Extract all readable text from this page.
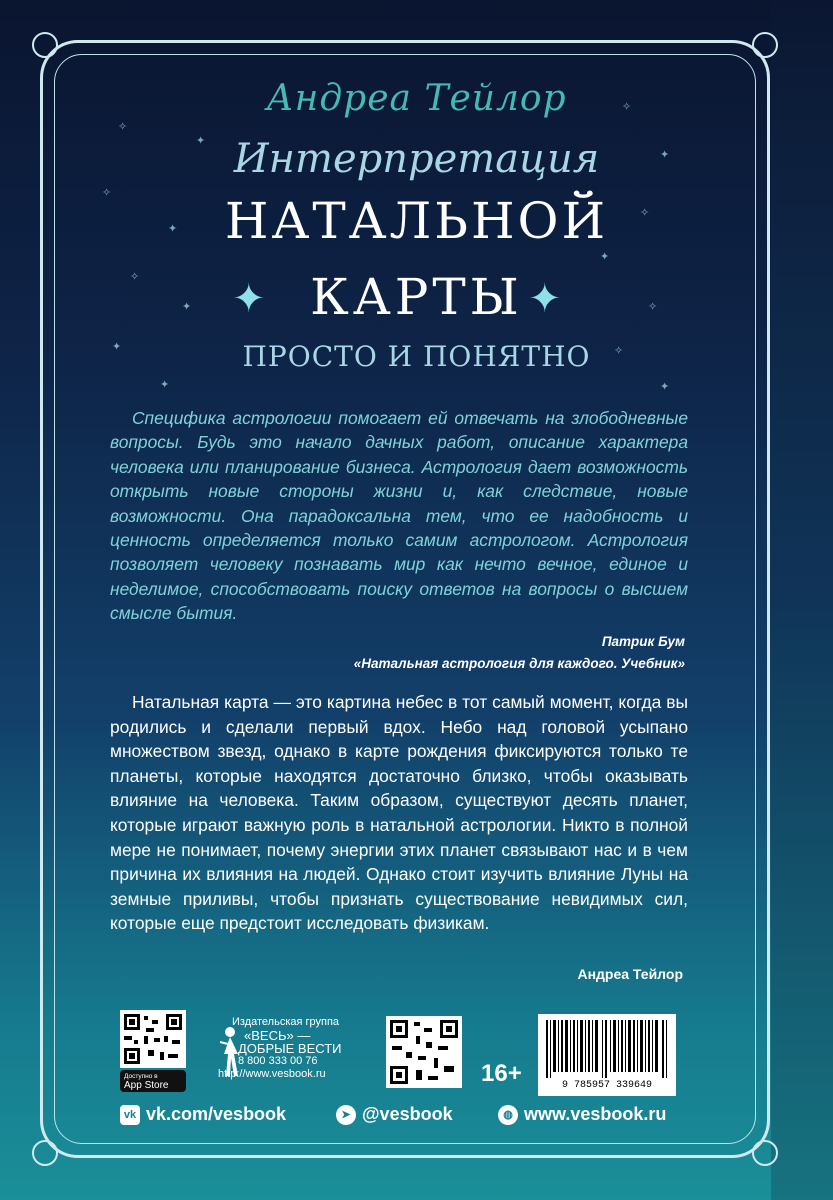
✧
✦
✧
✦
✧
✦
✧
✦
✧
✦	✧
✦	✧
✦	✦
Андреа Тейлор
Интерпретация
НАТАЛЬНОЙ
✦ КАРТЫ ✦
ПРОСТО И ПОНЯТНО

Специфика астрологии помогает ей отвечать на злободневные вопросы. Будь это начало дачных работ, описание характера человека или планирование бизнеса. Астрология дает возможность открыть новые стороны жизни и, как следствие, новые возможности. Она парадоксальна тем, что ее надобность и ценность определяется только самим астрологом. Астрология позволяет человеку познавать мир как нечто вечное, единое и неделимое, способствовать поиску ответов на вопросы о высшем смысле бытия.

Патрик Бум
«Натальная астрология для каждого. Учебник»

Натальная карта — это картина небес в тот самый момент, когда вы родились и сделали первый вдох. Небо над головой усыпано множеством звезд, однако в карте рождения фиксируются только те планеты, которые находятся достаточно близко, чтобы оказывать влияние на человека. Таким образом, существуют десять планет, которые играют важную роль в натальной астрологии. Никто в полной мере не понимает, почему энергии этих планет связывают нас и в чем причина их влияния на людей. Однако стоит изучить влияние Луны на земные приливы, чтобы признать существование невидимых сил, которые еще предстоит исследовать физикам.

Андреа Тейлор
Доступно в
App Store
Издательская группа
«ВЕСЬ» —
ДОБРЫЕ ВЕСТИ
8 800 333 00 76
http://www.vesbook.ru	16+	9 785957 339649
vk vk.com/vesbook	➤ @vesbook	◍ www.vesbook.ru
